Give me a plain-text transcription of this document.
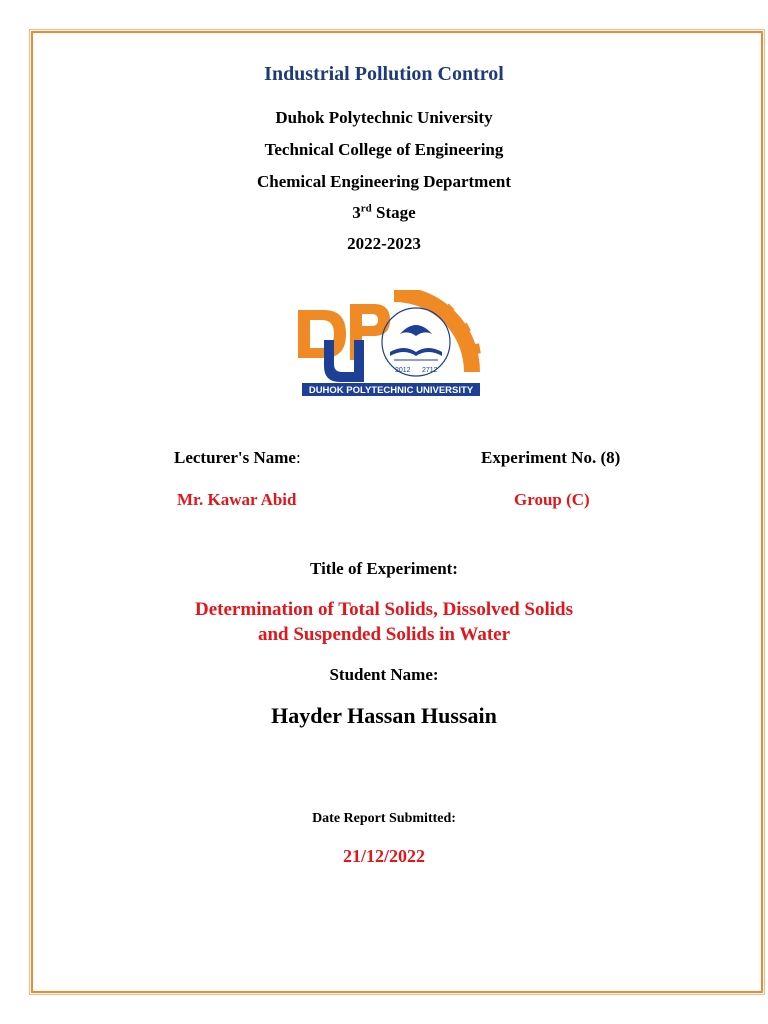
Industrial Pollution Control
Duhok Polytechnic University
Technical College of Engineering
Chemical Engineering Department
3rd Stage
2022-2023
2012 2712
DUHOK POLYTECHNIC UNIVERSITY
Lecturer's Name:	Experiment No. (8)
Mr. Kawar Abid	Group (C)
Title of Experiment:
Determination of Total Solids, Dissolved Solids
and Suspended Solids in Water
Student Name:
Hayder Hassan Hussain
Date Report Submitted:
21/12/2022
